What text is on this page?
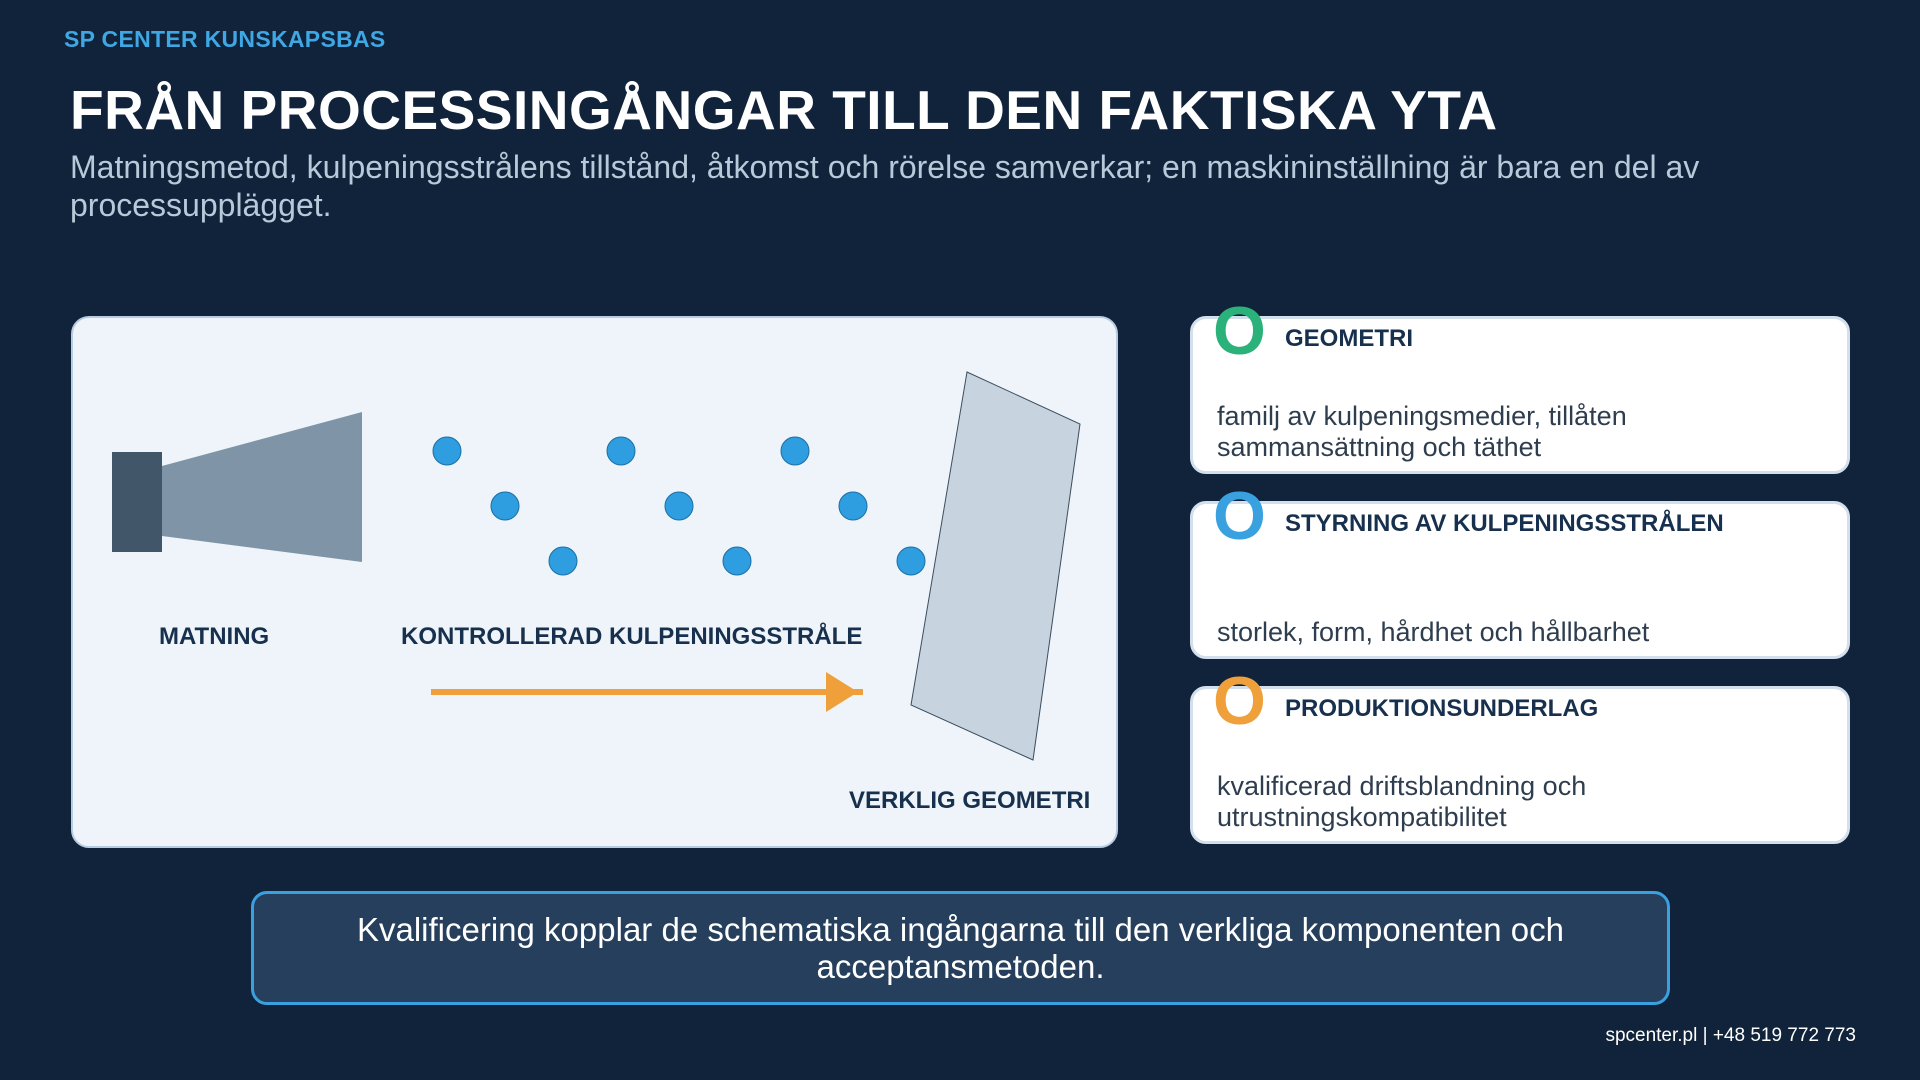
SP CENTER KUNSKAPSBAS
FRÅN PROCESSINGÅNGAR TILL DEN FAKTISKA YTA

Matningsmetod, kulpeningsstrålens tillstånd, åtkomst och rörelse samverkar; en maskininställning är bara en del av processupplägget.

MATNING	KONTROLLERAD KULPENINGSSTRÅLE
VERKLIG GEOMETRI
O GEOMETRI
familj av kulpeningsmedier, tillåten sammansättning och täthet
O STYRNING AV KULPENINGSSTRÅLEN
storlek, form, hårdhet och hållbarhet
O PRODUKTIONSUNDERLAG
kvalificerad driftsblandning och utrustningskompatibilitet
Kvalificering kopplar de schematiska ingångarna till den verkliga komponenten och acceptansmetoden.
spcenter.pl | +48 519 772 773
